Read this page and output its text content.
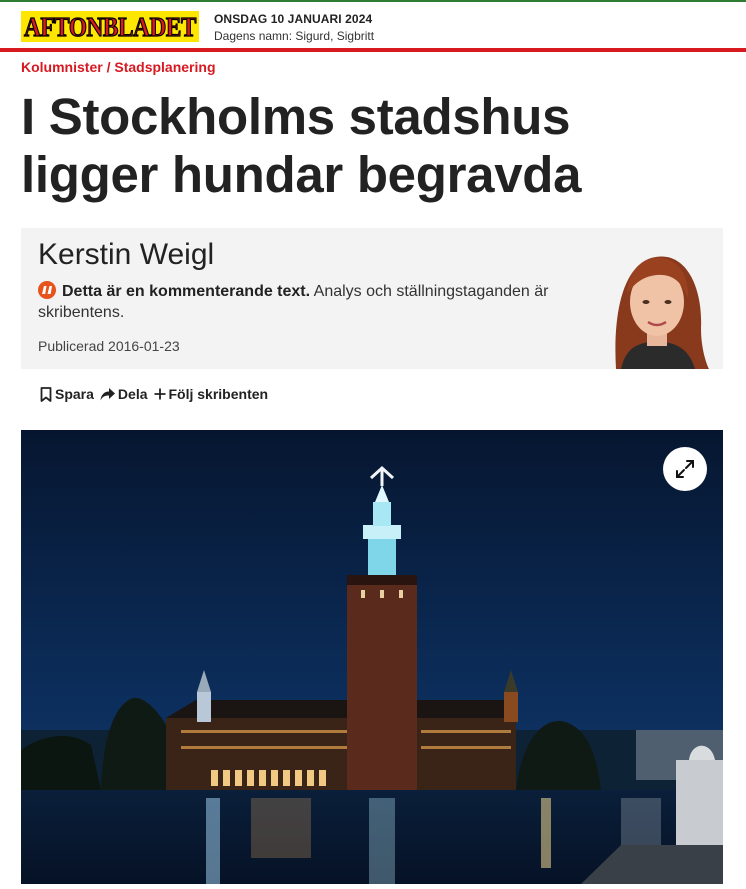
AFTONBLADET ONSDAG 10 JANUARI 2024
Dagens namn: Sigurd, Sigbritt
Kolumnister / Stadsplanering
I Stockholms stadshus ligger hundar begravda
Kerstin Weigl
Detta är en kommenterande text. Analys och ställningstaganden är skribentens.
Publicerad 2016-01-23
Spara Dela Följ skribenten
